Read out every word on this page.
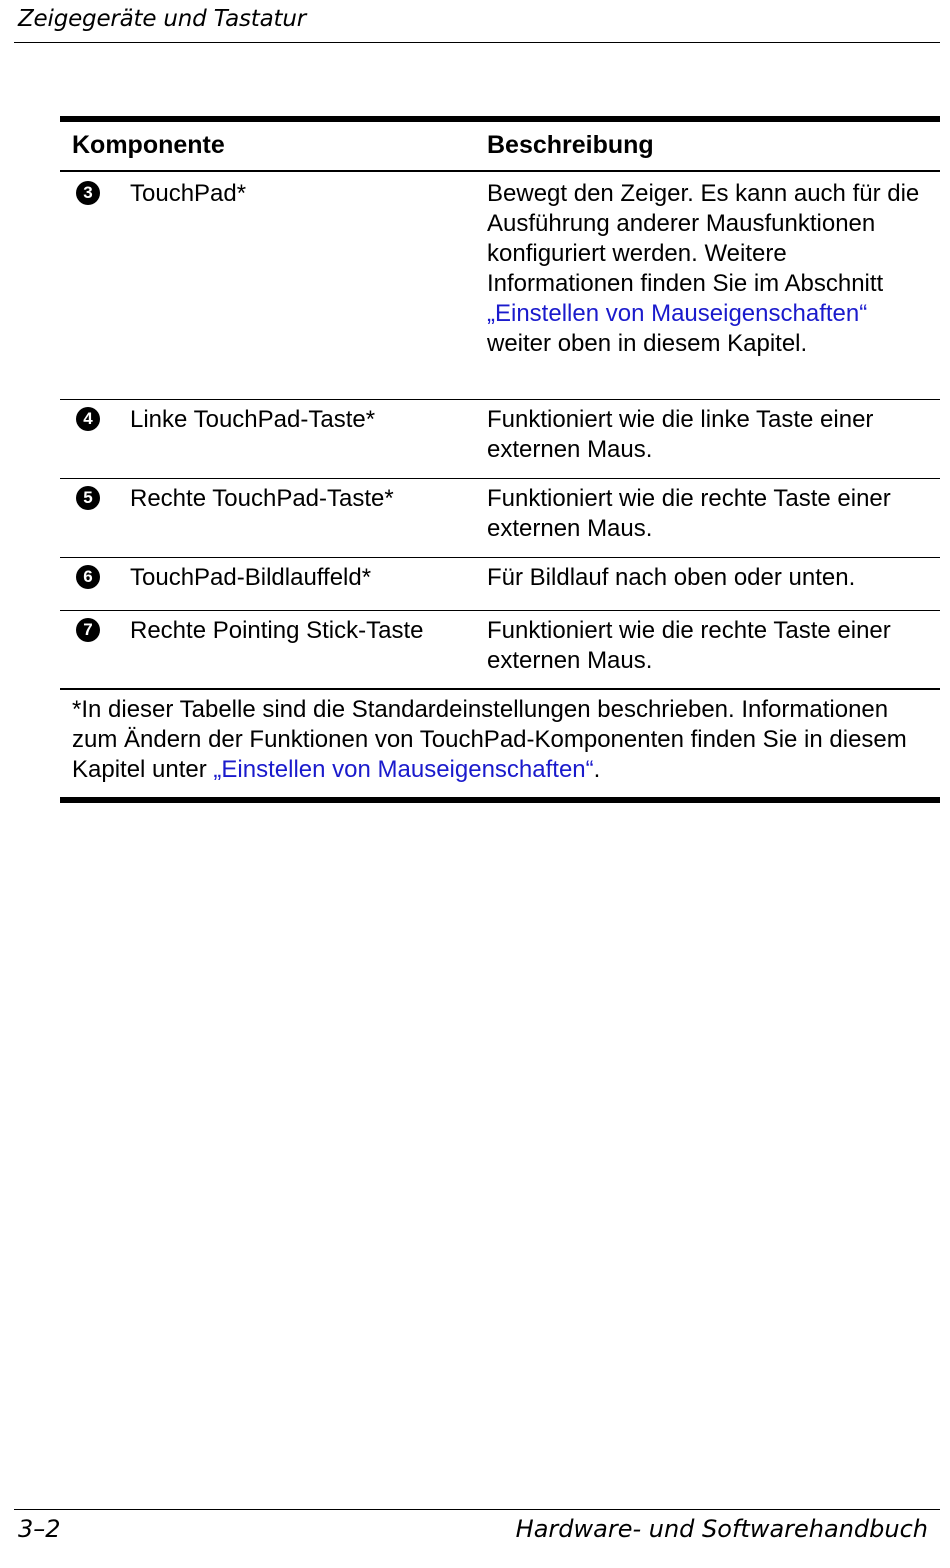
Zeigegeräte und Tastatur
Komponente	Beschreibung
3	TouchPad*	Bewegt den Zeiger. Es kann auch für die Ausführung anderer Mausfunktionen konfiguriert werden. Weitere Informationen finden Sie im Abschnitt „Einstellen von Mauseigenschaften“ weiter oben in diesem Kapitel.
4	Linke TouchPad-Taste*	Funktioniert wie die linke Taste einer externen Maus.
5	Rechte TouchPad-Taste*	Funktioniert wie die rechte Taste einer externen Maus.
6	TouchPad-Bildlauffeld*	Für Bildlauf nach oben oder unten.
7	Rechte Pointing Stick-Taste	Funktioniert wie die rechte Taste einer externen Maus.
*In dieser Tabelle sind die Standardeinstellungen beschrieben. Informationen zum Ändern der Funktionen von TouchPad-Komponenten finden Sie in diesem Kapitel unter „Einstellen von Mauseigenschaften“.
3–2	Hardware- und Softwarehandbuch
